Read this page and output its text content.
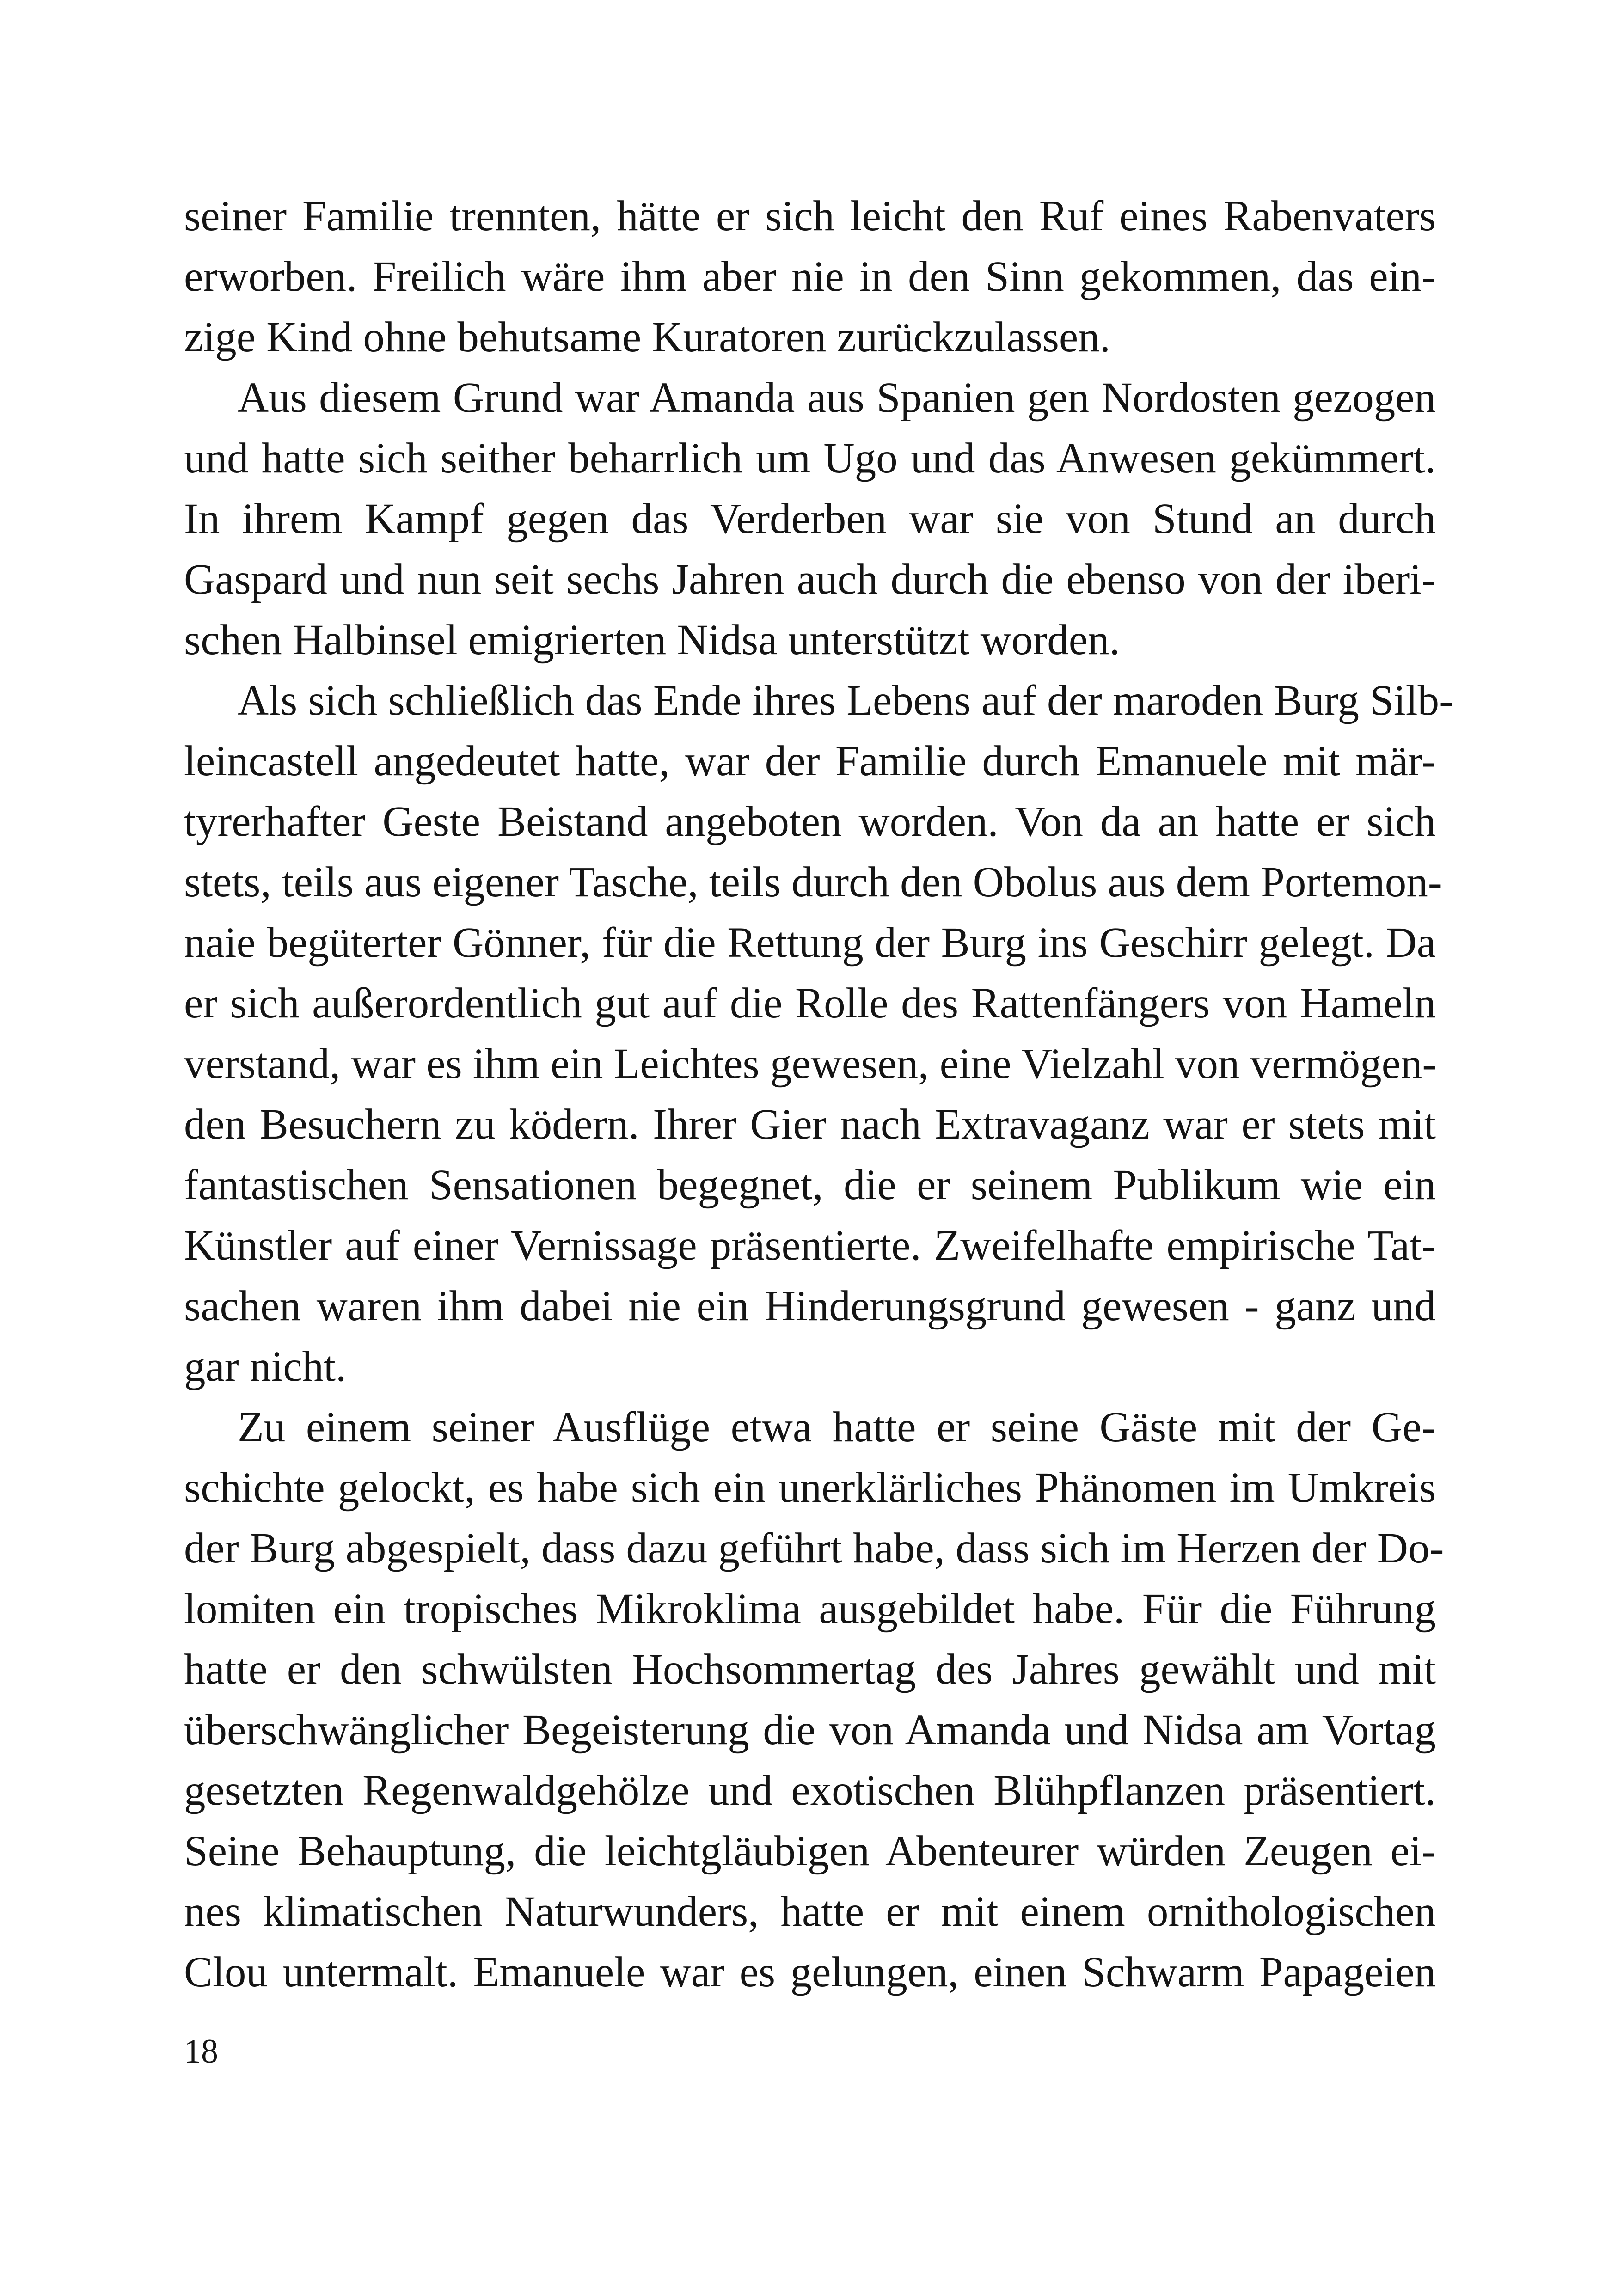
seiner Familie trennten, hätte er sich leicht den Ruf eines Rabenvaters
erworben. Freilich wäre ihm aber nie in den Sinn gekommen, das ein-
zige Kind ohne behutsame Kuratoren zurückzulassen.
Aus diesem Grund war Amanda aus Spanien gen Nordosten gezogen
und hatte sich seither beharrlich um Ugo und das Anwesen gekümmert.
In ihrem Kampf gegen das Verderben war sie von Stund an durch
Gaspard und nun seit sechs Jahren auch durch die ebenso von der iberi-
schen Halbinsel emigrierten Nidsa unterstützt worden.
Als sich schließlich das Ende ihres Lebens auf der maroden Burg Silb-
leincastell angedeutet hatte, war der Familie durch Emanuele mit mär-
tyrerhafter Geste Beistand angeboten worden. Von da an hatte er sich
stets, teils aus eigener Tasche, teils durch den Obolus aus dem Portemon-
naie begüterter Gönner, für die Rettung der Burg ins Geschirr gelegt. Da
er sich außerordentlich gut auf die Rolle des Rattenfängers von Hameln
verstand, war es ihm ein Leichtes gewesen, eine Vielzahl von vermögen-
den Besuchern zu ködern. Ihrer Gier nach Extravaganz war er stets mit
fantastischen Sensationen begegnet, die er seinem Publikum wie ein
Künstler auf einer Vernissage präsentierte. Zweifelhafte empirische Tat-
sachen waren ihm dabei nie ein Hinderungsgrund gewesen - ganz und
gar nicht.
Zu einem seiner Ausflüge etwa hatte er seine Gäste mit der Ge-
schichte gelockt, es habe sich ein unerklärliches Phänomen im Umkreis
der Burg abgespielt, dass dazu geführt habe, dass sich im Herzen der Do-
lomiten ein tropisches Mikroklima ausgebildet habe. Für die Führung
hatte er den schwülsten Hochsommertag des Jahres gewählt und mit
überschwänglicher Begeisterung die von Amanda und Nidsa am Vortag
gesetzten Regenwaldgehölze und exotischen Blühpflanzen präsentiert.
Seine Behauptung, die leichtgläubigen Abenteurer würden Zeugen ei-
nes klimatischen Naturwunders, hatte er mit einem ornithologischen
Clou untermalt. Emanuele war es gelungen, einen Schwarm Papageien
18
